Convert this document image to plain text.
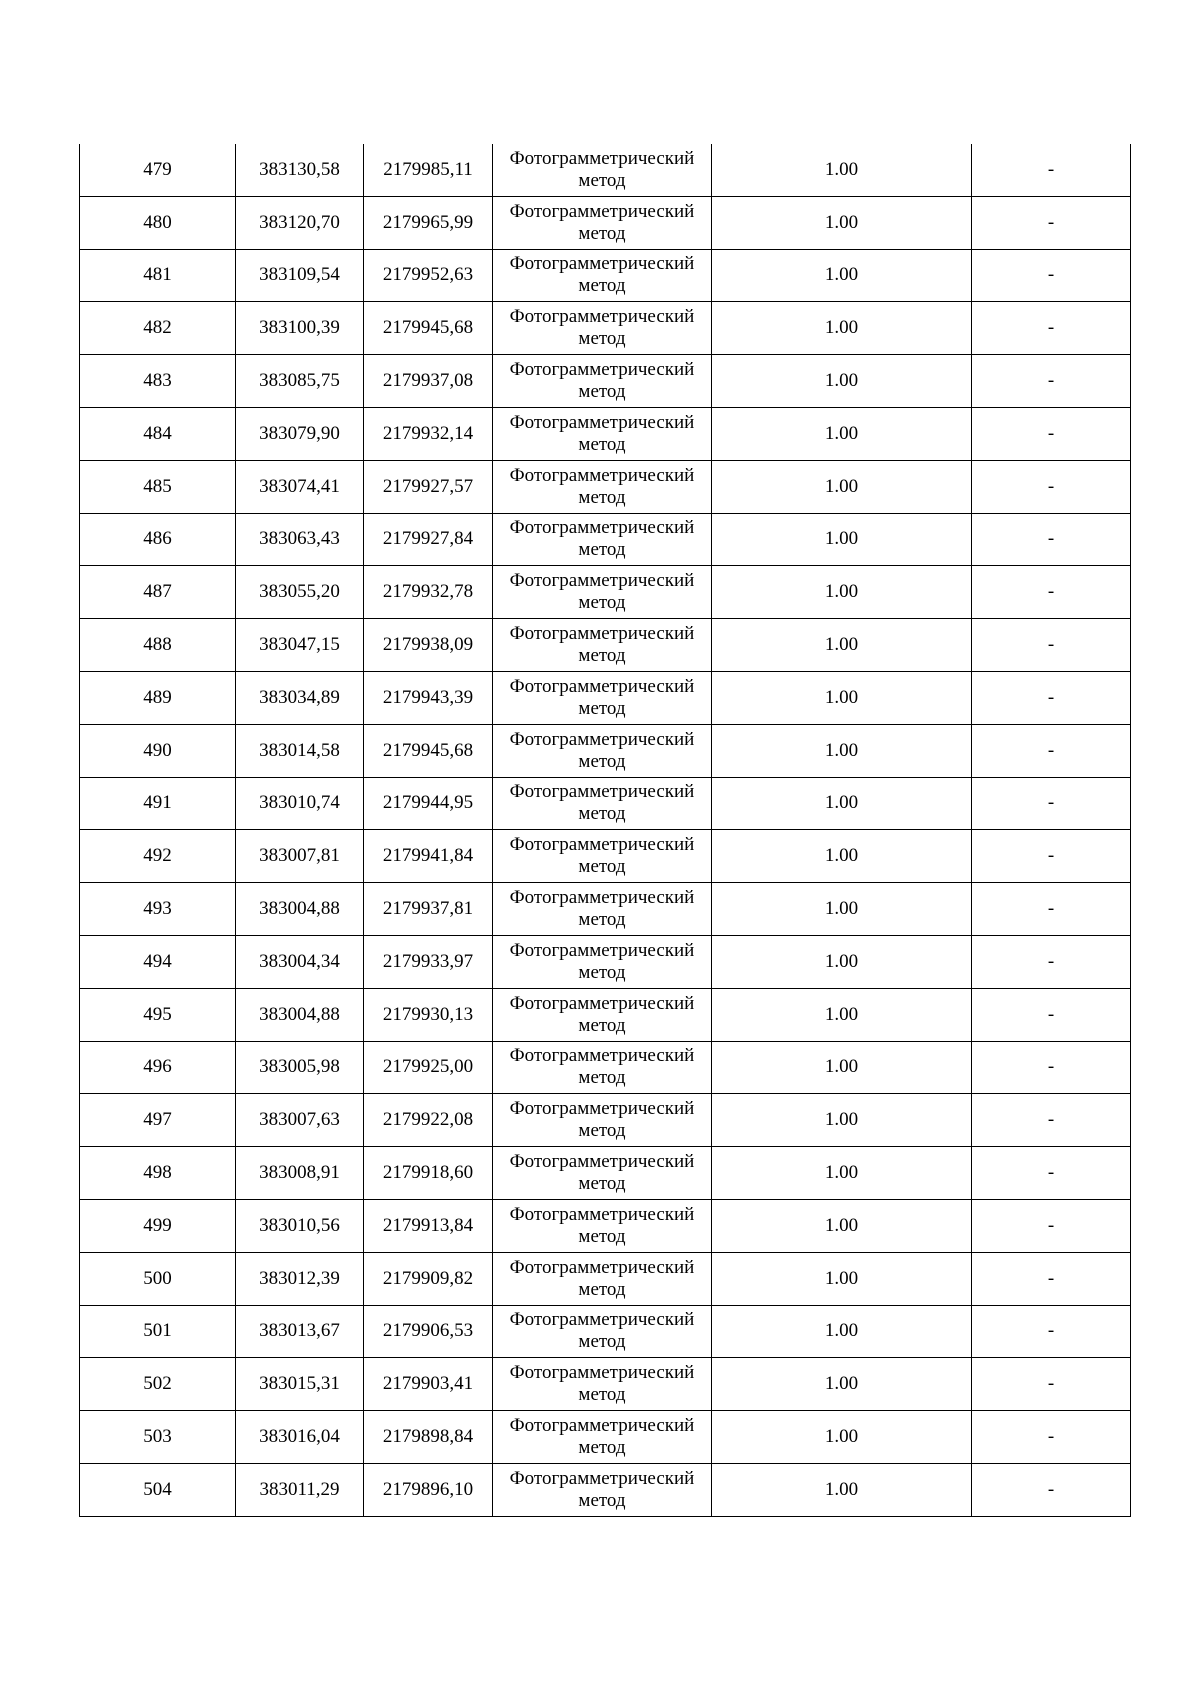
479	383130,58	2179985,11	Фотограмметрический
метод	1.00	-
480	383120,70	2179965,99	Фотограмметрический
метод	1.00	-
481	383109,54	2179952,63	Фотограмметрический
метод	1.00	-
482	383100,39	2179945,68	Фотограмметрический
метод	1.00	-
483	383085,75	2179937,08	Фотограмметрический
метод	1.00	-
484	383079,90	2179932,14	Фотограмметрический
метод	1.00	-
485	383074,41	2179927,57	Фотограмметрический
метод	1.00	-
486	383063,43	2179927,84	Фотограмметрический
метод	1.00	-
487	383055,20	2179932,78	Фотограмметрический
метод	1.00	-
488	383047,15	2179938,09	Фотограмметрический
метод	1.00	-
489	383034,89	2179943,39	Фотограмметрический
метод	1.00	-
490	383014,58	2179945,68	Фотограмметрический
метод	1.00	-
491	383010,74	2179944,95	Фотограмметрический
метод	1.00	-
492	383007,81	2179941,84	Фотограмметрический
метод	1.00	-
493	383004,88	2179937,81	Фотограмметрический
метод	1.00	-
494	383004,34	2179933,97	Фотограмметрический
метод	1.00	-
495	383004,88	2179930,13	Фотограмметрический
метод	1.00	-
496	383005,98	2179925,00	Фотограмметрический
метод	1.00	-
497	383007,63	2179922,08	Фотограмметрический
метод	1.00	-
498	383008,91	2179918,60	Фотограмметрический
метод	1.00	-
499	383010,56	2179913,84	Фотограмметрический
метод	1.00	-
500	383012,39	2179909,82	Фотограмметрический
метод	1.00	-
501	383013,67	2179906,53	Фотограмметрический
метод	1.00	-
502	383015,31	2179903,41	Фотограмметрический
метод	1.00	-
503	383016,04	2179898,84	Фотограмметрический
метод	1.00	-
504	383011,29	2179896,10	Фотограмметрический
метод	1.00	-
